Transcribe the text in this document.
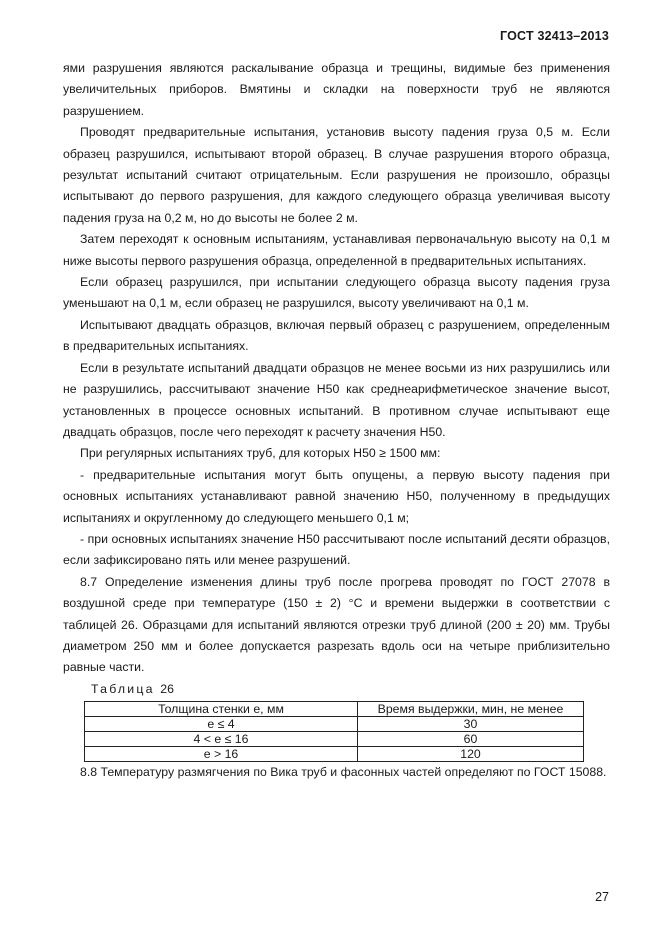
ГОСТ 32413–2013

ями разрушения являются раскалывание образца и трещины, видимые без применения увеличительных приборов. Вмятины и складки на поверхности труб не являются разрушением.

Проводят предварительные испытания, установив высоту падения груза 0,5 м. Если образец разрушился, испытывают второй образец. В случае разрушения второго образца, результат испытаний считают отрицательным. Если разрушения не произошло, образцы испытывают до первого разрушения, для каждого следующего образца увеличивая высоту падения груза на 0,2 м, но до высоты не более 2 м.

Затем переходят к основным испытаниям, устанавливая первоначальную высоту на 0,1 м ниже высоты первого разрушения образца, определенной в предварительных испытаниях.

Если образец разрушился, при испытании следующего образца высоту падения груза уменьшают на 0,1 м, если образец не разрушился, высоту увеличивают на 0,1 м.

Испытывают двадцать образцов, включая первый образец с разрушением, определенным в предварительных испытаниях.

Если в результате испытаний двадцати образцов не менее восьми из них разрушились или не разрушились, рассчитывают значение H50 как среднеарифметическое значение высот, установленных в процессе основных испытаний. В противном случае испытывают еще двадцать образцов, после чего переходят к расчету значения H50.

При регулярных испытаниях труб, для которых H50 ≥ 1500 мм:

- предварительные испытания могут быть опущены, а первую высоту падения при основных испытаниях устанавливают равной значению H50, полученному в предыдущих испытаниях и округленному до следующего меньшего 0,1 м;

- при основных испытаниях значение H50 рассчитывают после испытаний десяти образцов, если зафиксировано пять или менее разрушений.

8.7 Определение изменения длины труб после прогрева проводят по ГОСТ 27078 в воздушной среде при температуре (150 ± 2) °С и времени выдержки в соответствии с таблицей 26. Образцами для испытаний являются отрезки труб длиной (200 ± 20) мм. Трубы диаметром 250 мм и более допускается разрезать вдоль оси на четыре приблизительно равные части.

Таблица 26
Толщина стенки e, мм	Время выдержки, мин, не менее
e ≤ 4	30
4 < e ≤ 16	60
e > 16	120

8.8 Температуру размягчения по Вика труб и фасонных частей определяют по ГОСТ 15088.

27
